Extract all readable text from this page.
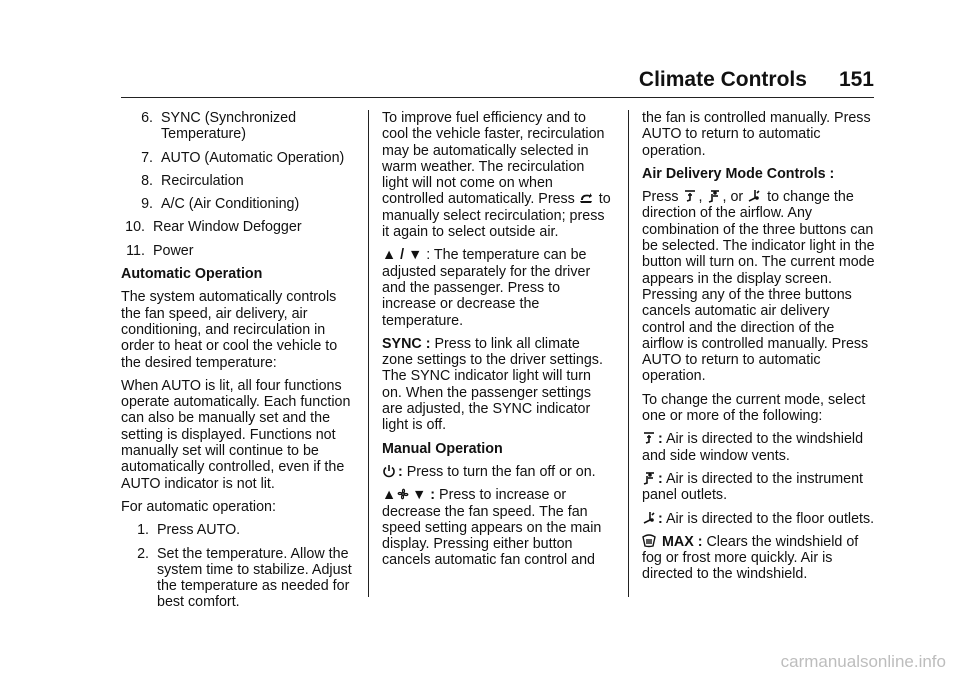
Climate Controls 151
6. SYNC (Synchronized Temperature)
7. AUTO (Automatic Operation)
8. Recirculation
9. A/C (Air Conditioning)
10. Rear Window Defogger
11. Power

Automatic Operation

The system automatically controls the fan speed, air delivery, air conditioning, and recirculation in order to heat or cool the vehicle to the desired temperature:

When AUTO is lit, all four functions operate automatically. Each function can also be manually set and the setting is displayed. Functions not manually set will continue to be automatically controlled, even if the AUTO indicator is not lit.

For automatic operation:

1. Press AUTO.
2. Set the temperature. Allow the system time to stabilize. Adjust the temperature as needed for best comfort.

To improve fuel efficiency and to cool the vehicle faster, recirculation may be automatically selected in warm weather. The recirculation light will not come on when controlled automatically. Press to manually select recirculation; press it again to select outside air.

▲ / ▼ : The temperature can be adjusted separately for the driver and the passenger. Press to increase or decrease the temperature.

SYNC : Press to link all climate zone settings to the driver settings. The SYNC indicator light will turn on. When the passenger settings are adjusted, the SYNC indicator light is off.

Manual Operation

: Press to turn the fan off or on.

▲ ▼ : Press to increase or decrease the fan speed. The fan speed setting appears on the main display. Pressing either button cancels automatic fan control and

the fan is controlled manually. Press AUTO to return to automatic operation.

Air Delivery Mode Controls :

Press , , or to change the direction of the airflow. Any combination of the three buttons can be selected. The indicator light in the button will turn on. The current mode appears in the display screen. Pressing any of the three buttons cancels automatic air delivery control and the direction of the airflow is controlled manually. Press AUTO to return to automatic operation.

To change the current mode, select one or more of the following:

: Air is directed to the windshield and side window vents.

: Air is directed to the instrument panel outlets.

: Air is directed to the floor outlets.

MAX : Clears the windshield of fog or frost more quickly. Air is directed to the windshield.

carmanualsonline.info
